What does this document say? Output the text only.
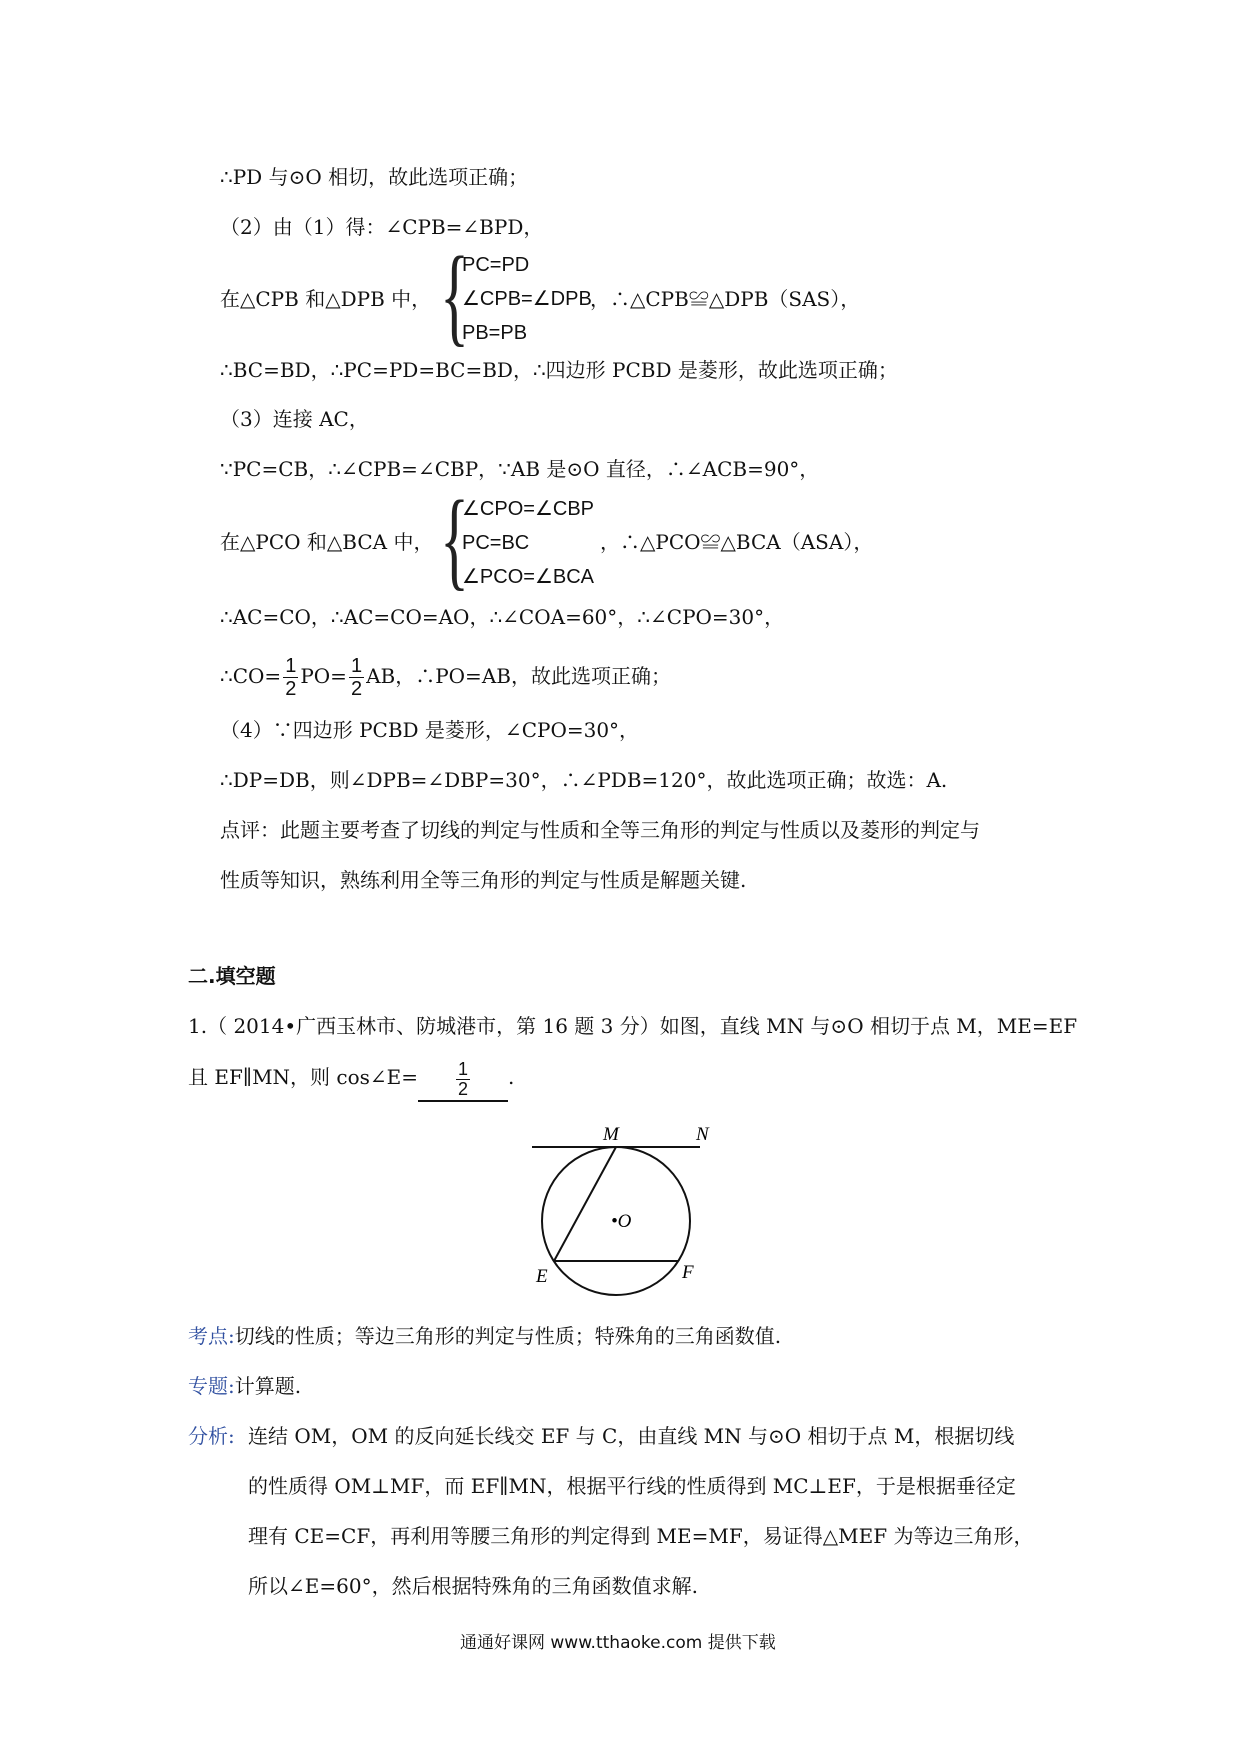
∴PD 与⊙O 相切，故此选项正确；
（2）由（1）得：∠CPB=∠BPD，
在△CPB 和△DPB 中， {
PC=PD
∠CPB=∠DPB
PB=PB
，∴△CPB≌△DPB（SAS），
∴BC=BD，∴PC=PD=BC=BD，∴四边形 PCBD 是菱形，故此选项正确；
（3）连接 AC，
∵PC=CB，∴∠CPB=∠CBP，∵AB 是⊙O 直径，∴∠ACB=90°，
在△PCO 和△BCA 中， {
∠CPO=∠CBP
PC=BC
∠PCO=∠BCA
，∴△PCO≌△BCA（ASA），
∴AC=CO，∴AC=CO=AO，∴∠COA=60°，∴∠CPO=30°，
∴CO= $\frac{1}{2} PO= \frac{1}{2}$ AB，∴PO=AB，故此选项正确；
（4）∵四边形 PCBD 是菱形，∠CPO=30°，
∴DP=DB，则∠DPB=∠DBP=30°，∴∠PDB=120°，故此选项正确；故选：A.
点评：此题主要考查了切线的判定与性质和全等三角形的判定与性质以及菱形的判定与
性质等知识，熟练利用全等三角形的判定与性质是解题关键.
二.填空题
1.（ 2014•广西玉林市、防城港市，第 16 题 3 分）如图，直线 MN 与⊙O 相切于点 M，ME=EF
且 EF∥MN，则 cos∠E= $\frac{1}{2}$ .
M	N
•O
E	F
考点:切线的性质；等边三角形的判定与性质；特殊角的三角函数值.
专题:计算题.
分析: 连结 OM，OM 的反向延长线交 EF 与 C，由直线 MN 与⊙O 相切于点 M，根据切线
的性质得 OM⊥MF，而 EF∥MN，根据平行线的性质得到 MC⊥EF，于是根据垂径定
理有 CE=CF，再利用等腰三角形的判定得到 ME=MF，易证得△MEF 为等边三角形，
所以∠E=60°，然后根据特殊角的三角函数值求解.
通通好课网 www.tthaoke.com 提供下载
